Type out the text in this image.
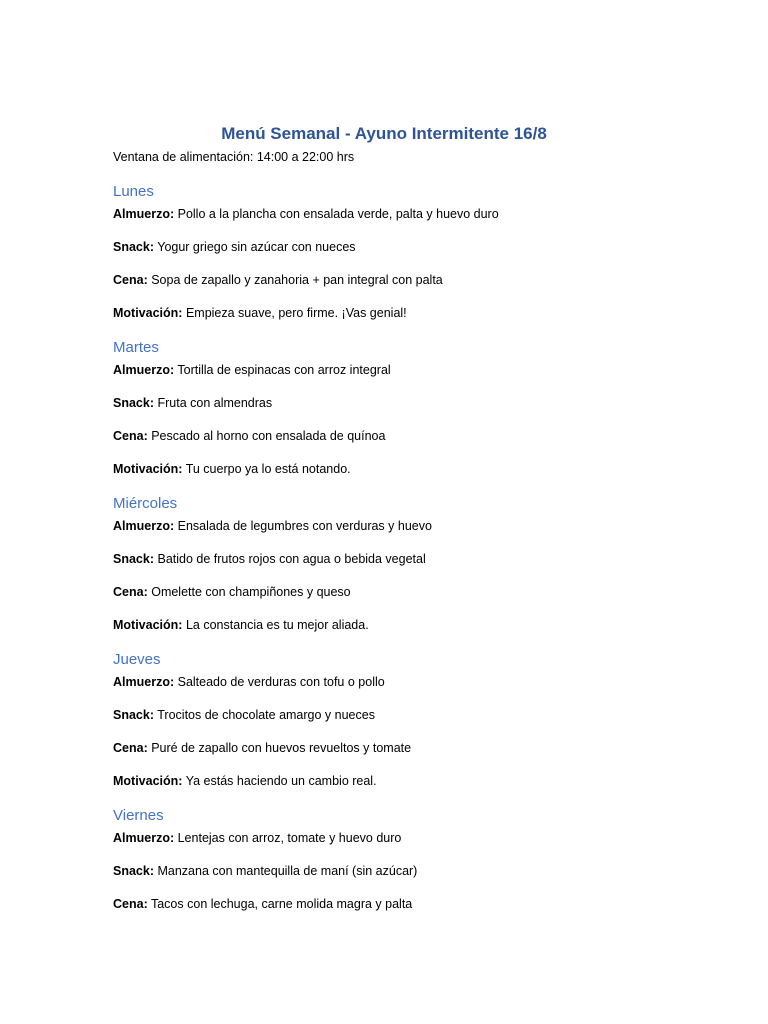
Menú Semanal - Ayuno Intermitente 16/8

Ventana de alimentación: 14:00 a 22:00 hrs

Lunes

Almuerzo: Pollo a la plancha con ensalada verde, palta y huevo duro

Snack: Yogur griego sin azúcar con nueces

Cena: Sopa de zapallo y zanahoria + pan integral con palta

Motivación: Empieza suave, pero firme. ¡Vas genial!

Martes

Almuerzo: Tortilla de espinacas con arroz integral

Snack: Fruta con almendras

Cena: Pescado al horno con ensalada de quínoa

Motivación: Tu cuerpo ya lo está notando.

Miércoles

Almuerzo: Ensalada de legumbres con verduras y huevo

Snack: Batido de frutos rojos con agua o bebida vegetal

Cena: Omelette con champiñones y queso

Motivación: La constancia es tu mejor aliada.

Jueves

Almuerzo: Salteado de verduras con tofu o pollo

Snack: Trocitos de chocolate amargo y nueces

Cena: Puré de zapallo con huevos revueltos y tomate

Motivación: Ya estás haciendo un cambio real.

Viernes

Almuerzo: Lentejas con arroz, tomate y huevo duro

Snack: Manzana con mantequilla de maní (sin azúcar)

Cena: Tacos con lechuga, carne molida magra y palta
